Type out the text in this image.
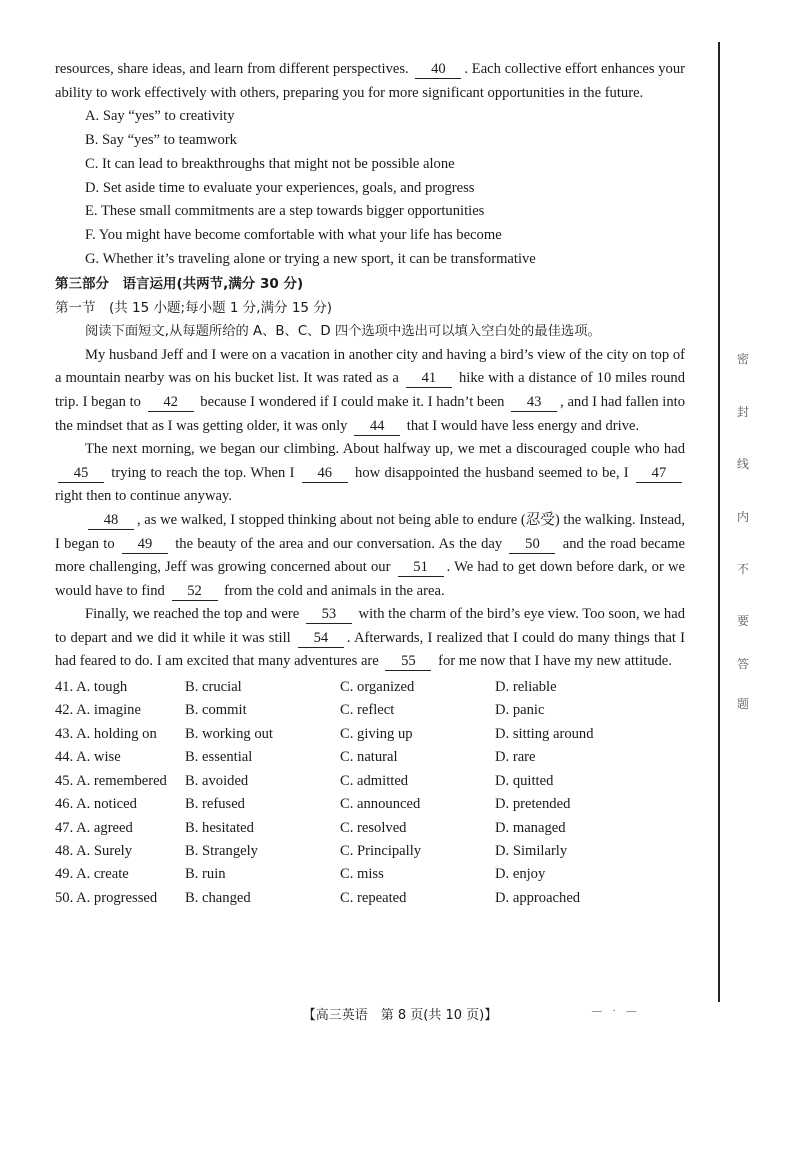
resources, share ideas, and learn from different perspectives. 40 . Each collective effort enhances your ability to work effectively with others, preparing you for more significant opportunities in the future.

A. Say “yes” to creativity

B. Say “yes” to teamwork

C. It can lead to breakthroughs that might not be possible alone

D. Set aside time to evaluate your experiences, goals, and progress

E. These small commitments are a step towards bigger opportunities

F. You might have become comfortable with what your life has become

G. Whether it’s traveling alone or trying a new sport, it can be transformative

第三部分　语言运用(共两节,满分 30 分)

第一节　(共 15 小题;每小题 1 分,满分 15 分)

阅读下面短文,从每题所给的 A、B、C、D 四个选项中选出可以填入空白处的最佳选项。

My husband Jeff and I were on a vacation in another city and having a bird’s view of the city on top of a mountain nearby was on his bucket list. It was rated as a 41 hike with a distance of 10 miles round trip. I began to 42 because I wondered if I could make it. I hadn’t been 43 , and I had fallen into the mindset that as I was getting older, it was only 44 that I would have less energy and drive.

The next morning, we began our climbing. About halfway up, we met a discouraged couple who had 45 trying to reach the top. When I 46 how disappointed the husband seemed to be, I 47 right then to continue anyway.

48 , as we walked, I stopped thinking about not being able to endure (忍受) the walking. Instead, I began to 49 the beauty of the area and our conversation. As the day 50 and the road became more challenging, Jeff was growing concerned about our 51 . We had to get down before dark, or we would have to find 52 from the cold and animals in the area.

Finally, we reached the top and were 53 with the charm of the bird’s eye view. Too soon, we had to depart and we did it while it was still 54 . Afterwards, I realized that I could do many things that I had feared to do. I am excited that many adventures are 55 for me now that I have my new attitude.

41. A. tough	B. crucial	C. organized	D. reliable
42. A. imagine	B. commit	C. reflect	D. panic
43. A. holding on	B. working out	C. giving up	D. sitting around
44. A. wise	B. essential	C. natural	D. rare
45. A. remembered	B. avoided	C. admitted	D. quitted
46. A. noticed	B. refused	C. announced	D. pretended
47. A. agreed	B. hesitated	C. resolved	D. managed
48. A. Surely	B. Strangely	C. Principally	D. Similarly
49. A. create	B. ruin	C. miss	D. enjoy
50. A. progressed	B. changed	C. repeated	D. approached
【高三英语　第 8 页(共 10 页)】	— · —
密
封
线
内
不
要
答
题
